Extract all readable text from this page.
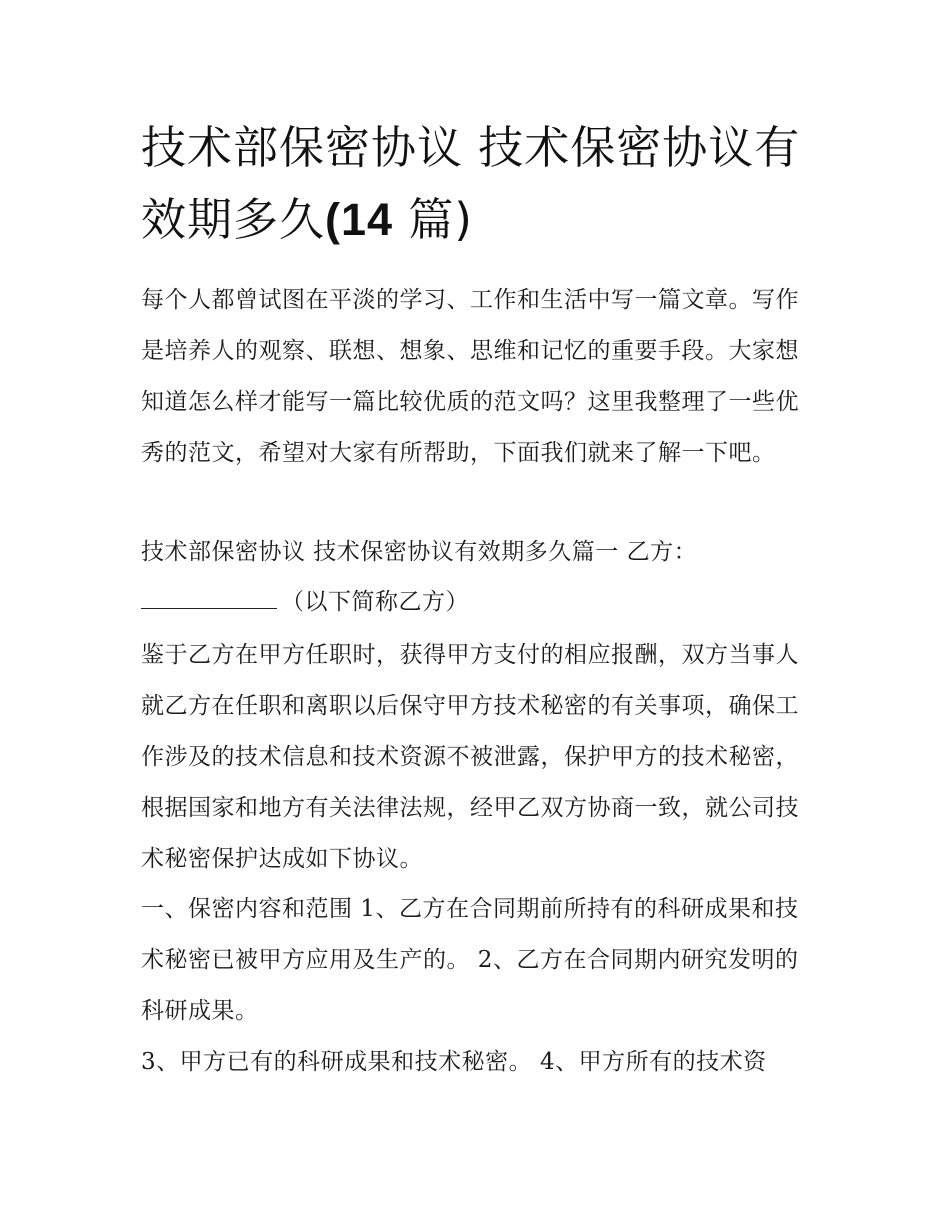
技术部保密协议 技术保密协议有效期多久(14 篇)

每个人都曾试图在平淡的学习、工作和生活中写一篇文章。写作是培养人的观察、联想、想象、思维和记忆的重要手段。大家想知道怎么样才能写一篇比较优质的范文吗？这里我整理了一些优秀的范文，希望对大家有所帮助，下面我们就来了解一下吧。

技术部保密协议 技术保密协议有效期多久篇一 乙方：

（以下简称乙方）

鉴于乙方在甲方任职时，获得甲方支付的相应报酬，双方当事人就乙方在任职和离职以后保守甲方技术秘密的有关事项，确保工作涉及的技术信息和技术资源不被泄露，保护甲方的技术秘密，根据国家和地方有关法律法规，经甲乙双方协商一致，就公司技术秘密保护达成如下协议。

一、保密内容和范围 1、乙方在合同期前所持有的科研成果和技术秘密已被甲方应用及生产的。 2、乙方在合同期内研究发明的科研成果。

3、甲方已有的科研成果和技术秘密。 4、甲方所有的技术资
